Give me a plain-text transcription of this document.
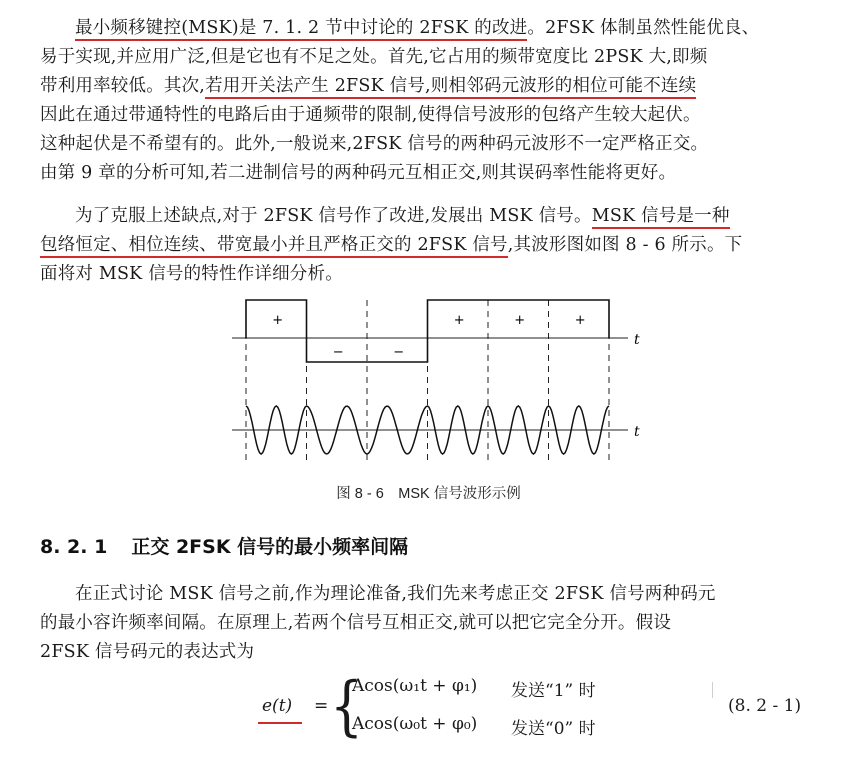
最小频移键控(MSK)是 7. 1. 2 节中讨论的 2FSK 的改进。2FSK 体制虽然性能优良、
易于实现,并应用广泛,但是它也有不足之处。首先,它占用的频带宽度比 2PSK 大,即频
带利用率较低。其次,若用开关法产生 2FSK 信号,则相邻码元波形的相位可能不连续
因此在通过带通特性的电路后由于通频带的限制,使得信号波形的包络产生较大起伏。
这种起伏是不希望有的。此外,一般说来,2FSK 信号的两种码元波形不一定严格正交。
由第 9 章的分析可知,若二进制信号的两种码元互相正交,则其误码率性能将更好。
为了克服上述缺点,对于 2FSK 信号作了改进,发展出 MSK 信号。MSK 信号是一种
包络恒定、相位连续、带宽最小并且严格正交的 2FSK 信号,其波形图如图 8 - 6 所示。下
面将对 MSK 信号的特性作详细分析。
t
t
+
−	−
+	+	+
图 8 - 6　MSK 信号波形示例
8. 2. 1 正交 2FSK 信号的最小频率间隔
在正式讨论 MSK 信号之前,作为理论准备,我们先来考虑正交 2FSK 信号两种码元
的最小容许频率间隔。在原理上,若两个信号互相正交,就可以把它完全分开。假设
2FSK 信号码元的表达式为
e(t) = {
Acos(ω₁t + φ₁) 发送“1” 时
Acos(ω₀t + φ₀) 发送“0” 时
(8. 2 - 1)
